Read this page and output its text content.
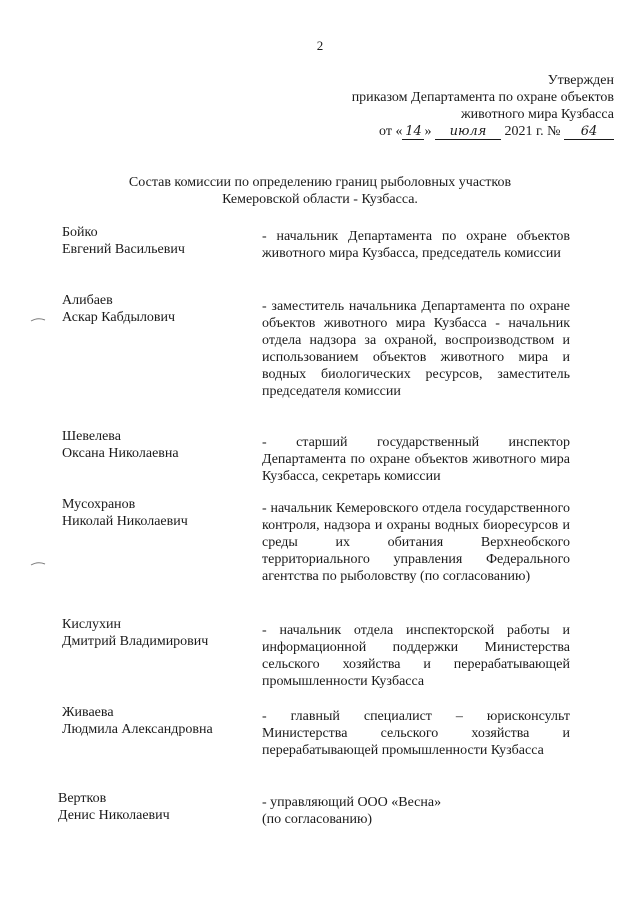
2
Утвержден
приказом Департамента по охране объектов
животного мира Кузбасса
от « 14 » июля 2021 г. № 64
Состав комиссии по определению границ рыболовных участков
Кемеровской области - Кузбасса.
Бойко
Евгений Васильевич
- начальник Департамента по охране объектов животного мира Кузбасса, председатель комиссии
Алибаев
Аскар Кабдылович
- заместитель начальника Департамента по охране объектов животного мира Кузбасса - начальник отдела надзора за охраной, воспроизводством и использованием объектов животного мира и водных биологических ресурсов, заместитель председателя комиссии
Шевелева
Оксана Николаевна
- старший государственный инспектор Департамента по охране объектов животного мира Кузбасса, секретарь комиссии
Мусохранов
Николай Николаевич
- начальник Кемеровского отдела государственного контроля, надзора и охраны водных биоресурсов и среды их обитания Верхнеобского территориального управления Федерального агентства по рыболовству (по согласованию)
Кислухин
Дмитрий Владимирович
- начальник отдела инспекторской работы и информационной поддержки Министерства сельского хозяйства и перерабатывающей промышленности Кузбасса
Живаева
Людмила Александровна
- главный специалист – юрисконсульт Министерства сельского хозяйства и перерабатывающей промышленности Кузбасса
Вертков
Денис Николаевич
- управляющий ООО «Весна»
(по согласованию)
